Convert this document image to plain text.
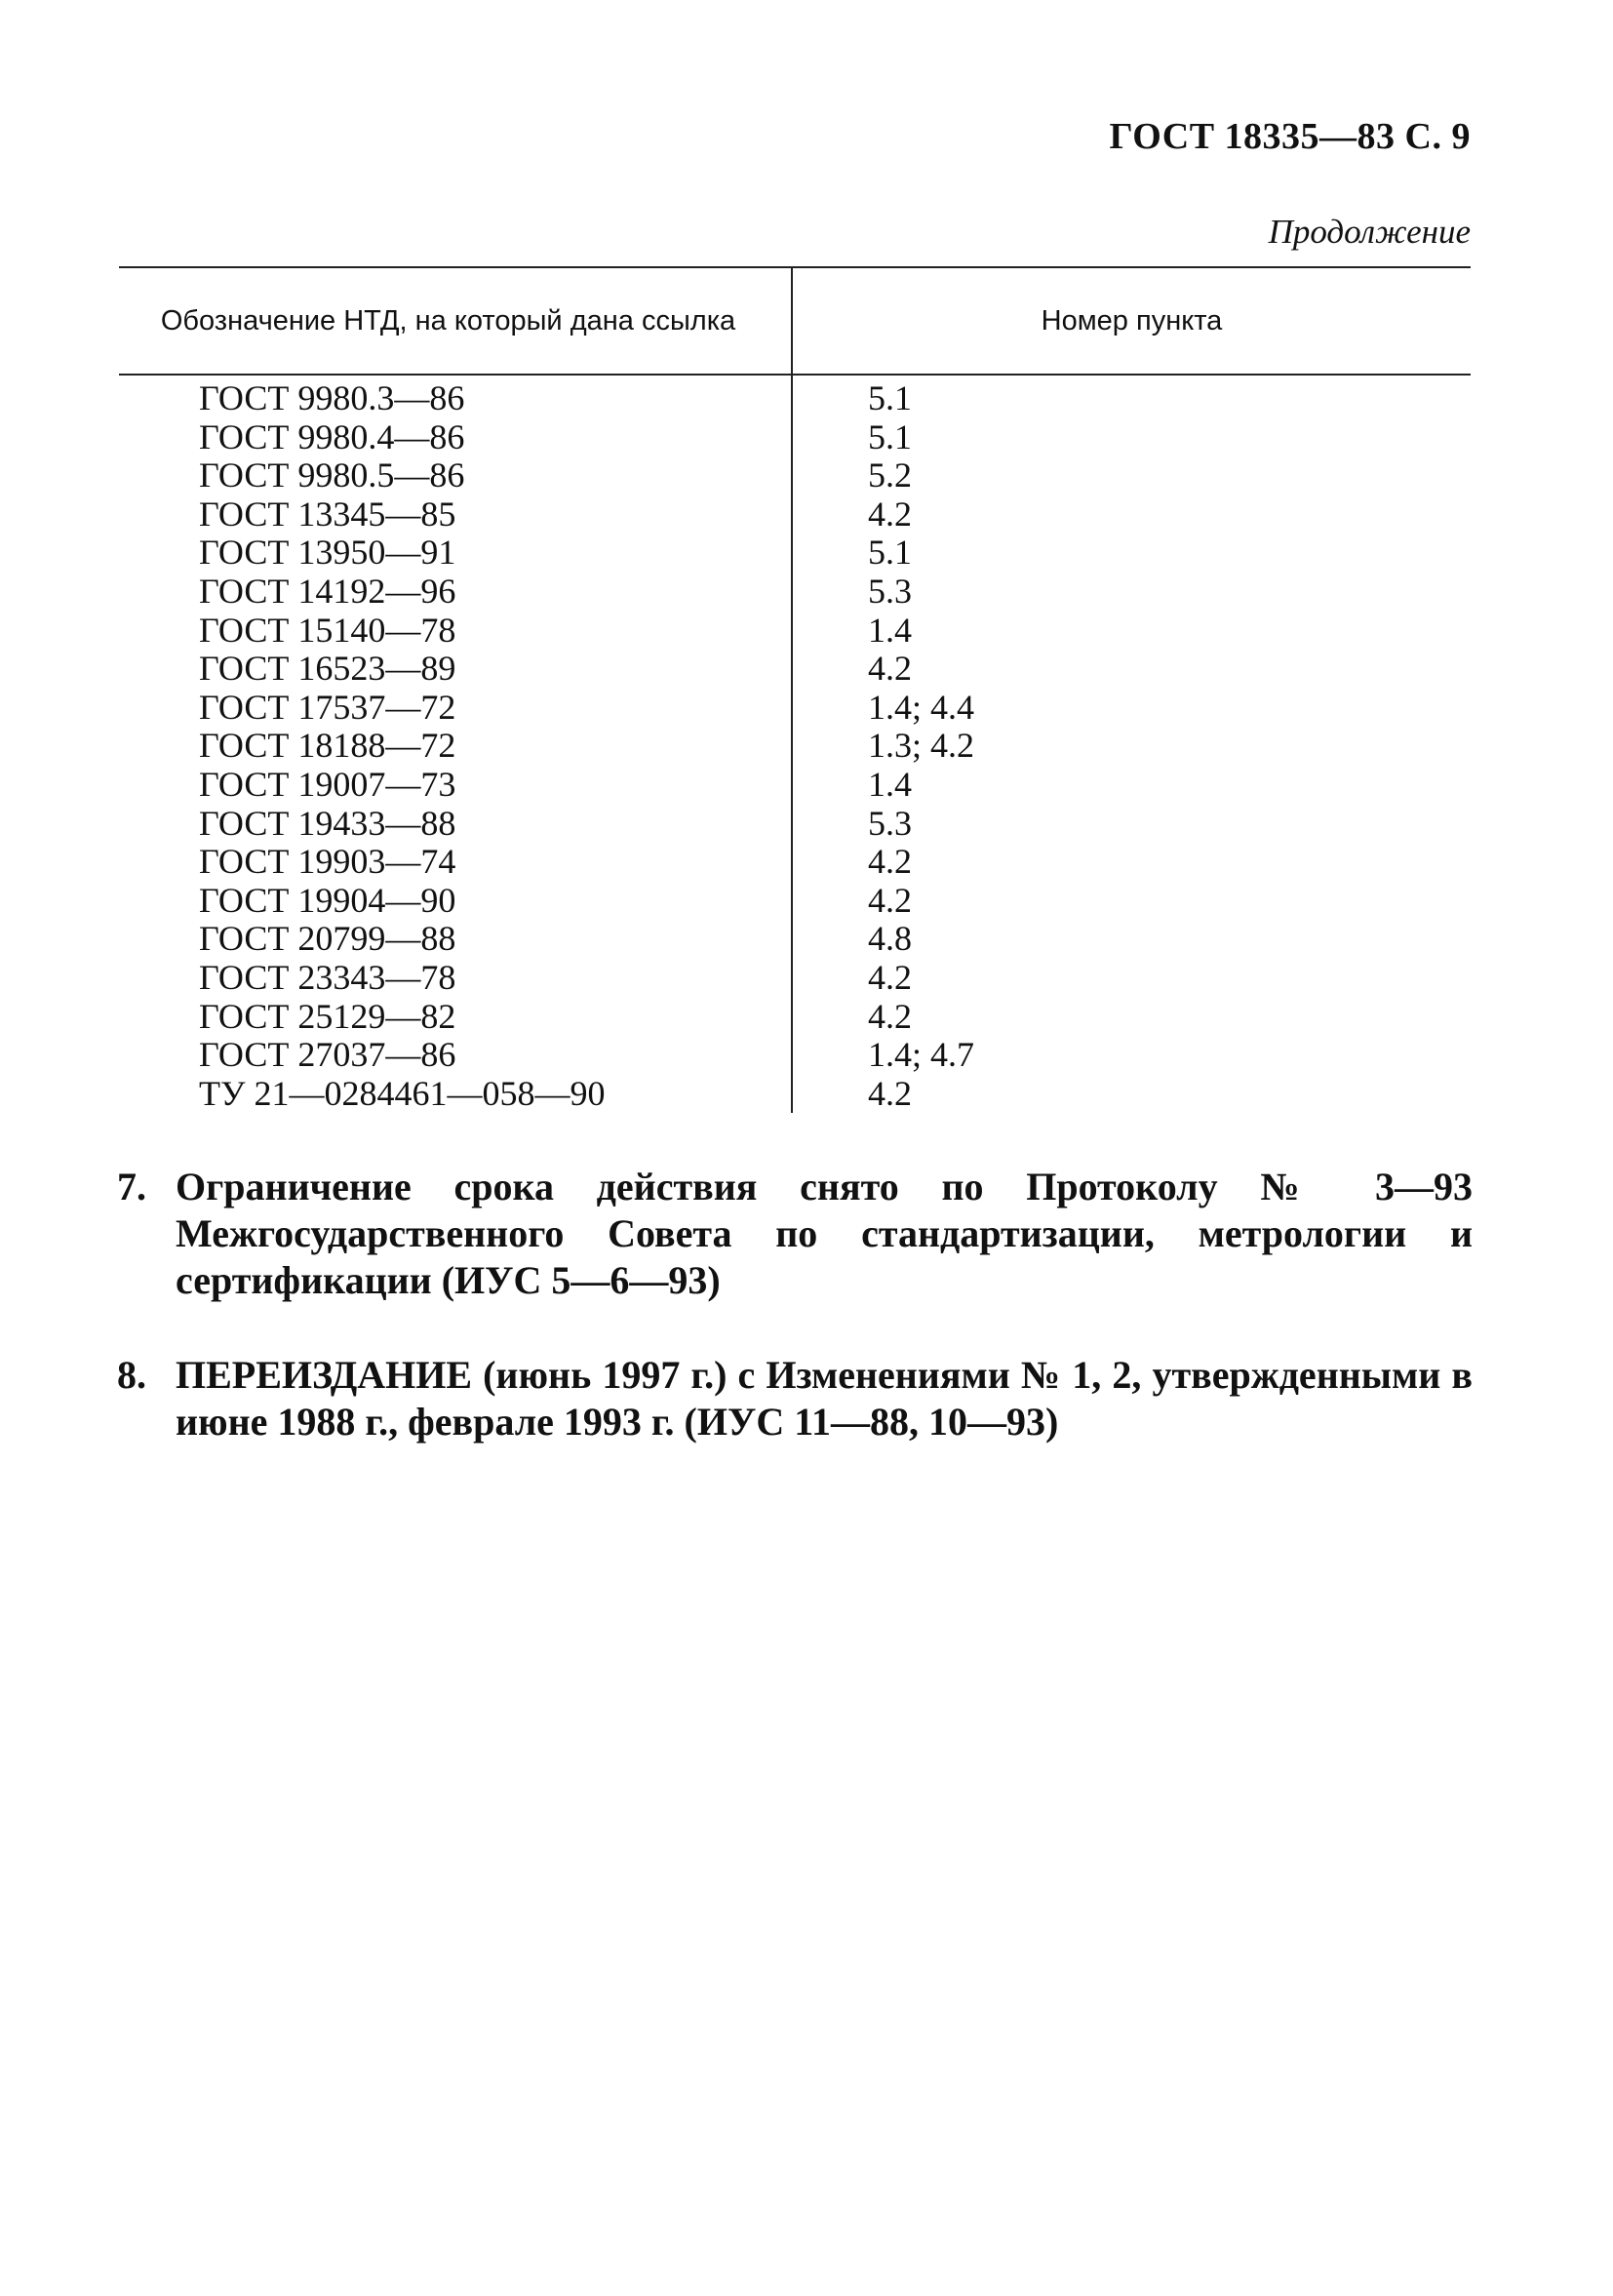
ГОСТ 18335—83 С. 9
Продолжение
Обозначение НТД, на который дана ссылка	Номер пункта
ГОСТ 9980.3—86	5.1
ГОСТ 9980.4—86	5.1
ГОСТ 9980.5—86	5.2
ГОСТ 13345—85	4.2
ГОСТ 13950—91	5.1
ГОСТ 14192—96	5.3
ГОСТ 15140—78	1.4
ГОСТ 16523—89	4.2
ГОСТ 17537—72	1.4; 4.4
ГОСТ 18188—72	1.3; 4.2
ГОСТ 19007—73	1.4
ГОСТ 19433—88	5.3
ГОСТ 19903—74	4.2
ГОСТ 19904—90	4.2
ГОСТ 20799—88	4.8
ГОСТ 23343—78	4.2
ГОСТ 25129—82	4.2
ГОСТ 27037—86	1.4; 4.7
ТУ 21—0284461—058—90	4.2
7. Ограничение срока действия снято по Протоколу № 3—93 Межгосударственного Совета по стандартизации, метрологии и сертификации (ИУС 5—6—93)
8. ПЕРЕИЗДАНИЕ (июнь 1997 г.) с Изменениями № 1, 2, утвержденными в июне 1988 г., феврале 1993 г. (ИУС 11—88, 10—93)
